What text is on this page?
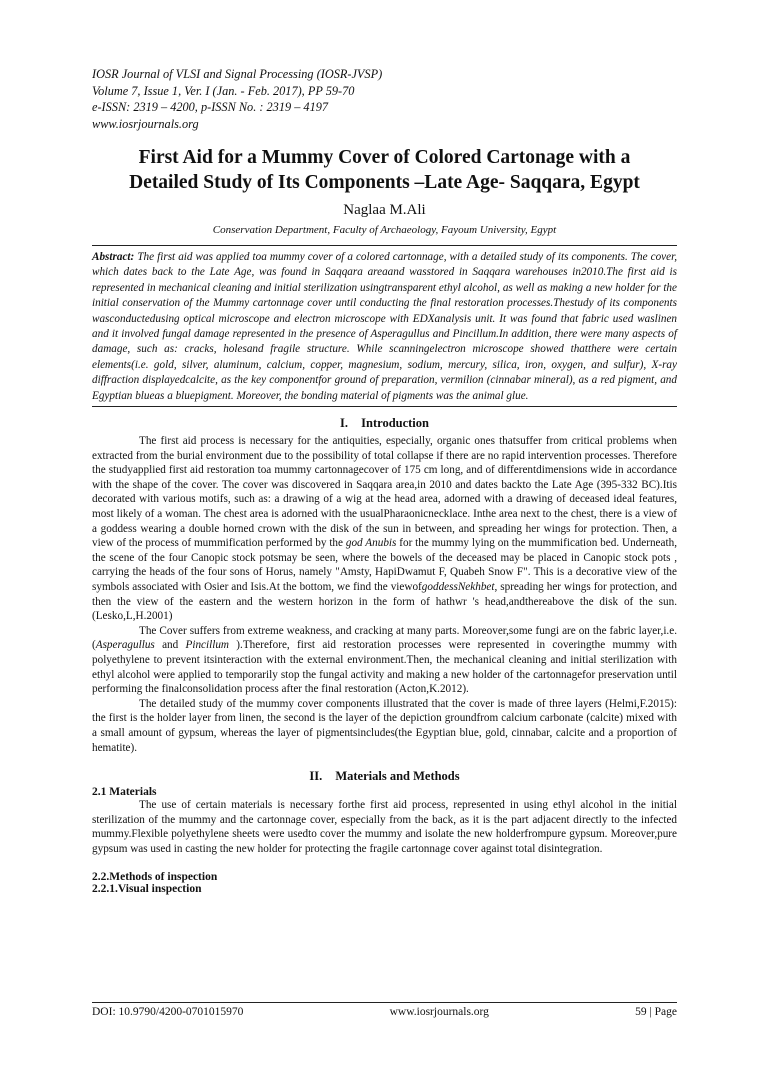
IOSR Journal of VLSI and Signal Processing (IOSR-JVSP)
Volume 7, Issue 1, Ver. I (Jan. - Feb. 2017), PP 59-70
e-ISSN: 2319 – 4200, p-ISSN No. : 2319 – 4197
www.iosrjournals.org
First Aid for a Mummy Cover of Colored Cartonage with a
Detailed Study of Its Components –Late Age- Saqqara, Egypt
Naglaa M.Ali
Conservation Department, Faculty of Archaeology, Fayoum University, Egypt
Abstract: The first aid was applied toa mummy cover of a colored cartonnage, with a detailed study of its components. The cover, which dates back to the Late Age, was found in Saqqara areaand wasstored in Saqqara warehouses in2010.The first aid is represented in mechanical cleaning and initial sterilization usingtransparent ethyl alcohol, as well as making a new holder for the initial conservation of the Mummy cartonnage cover until conducting the final restoration processes.Thestudy of its components wasconductedusing optical microscope and electron microscope with EDXanalysis unit. It was found that fabric used waslinen and it involved fungal damage represented in the presence of Asperagullus and Pincillum.In addition, there were many aspects of damage, such as: cracks, holesand fragile structure. While scanningelectron microscope showed thatthere were certain elements(i.e. gold, silver, aluminum, calcium, copper, magnesium, sodium, mercury, silica, iron, oxygen, and sulfur), X-ray diffraction displayedcalcite, as the key componentfor ground of preparation, vermilion (cinnabar mineral), as a red pigment, and Egyptian blueas a bluepigment. Moreover, the bonding material of pigments was the animal glue.
I. Introduction

The first aid process is necessary for the antiquities, especially, organic ones thatsuffer from critical problems when extracted from the burial environment due to the possibility of total collapse if there are no rapid intervention processes. Therefore the studyapplied first aid restoration toa mummy cartonnagecover of 175 cm long, and of differentdimensions wide in accordance with the shape of the cover. The cover was discovered in Saqqara area,in 2010 and dates backto the Late Age (395-332 BC).Itis decorated with various motifs, such as: a drawing of a wig at the head area, adorned with a drawing of deceased ideal features, most likely of a woman. The chest area is adorned with the usualPharaonicnecklace. Inthe area next to the chest, there is a view of a goddess wearing a double horned crown with the disk of the sun in between, and spreading her wings for protection. Then, a view of the process of mummification performed by the god Anubis for the mummy lying on the mummification bed. Underneath, the scene of the four Canopic stock potsmay be seen, where the bowels of the deceased may be placed in Canopic stock pots , carrying the heads of the four sons of Horus, namely "Amsty, HapiDwamut F, Quabeh Snow F". This is a decorative view of the symbols associated with Osier and Isis.At the bottom, we find the viewofgoddessNekhbet, spreading her wings for protection, and then the view of the eastern and the western horizon in the form of hathwr 's head,andthereabove the disk of the sun.(Lesko,L,H.2001)

The Cover suffers from extreme weakness, and cracking at many parts. Moreover,some fungi are on the fabric layer,i.e. (Asperagullus and Pincillum ).Therefore, first aid restoration processes were represented in coveringthe mummy with polyethylene to prevent itsinteraction with the external environment.Then, the mechanical cleaning and initial sterilization with ethyl alcohol were applied to temporarily stop the fungal activity and making a new holder of the cartonnagefor preservation until performing the finalconsolidation process after the final restoration (Acton,K.2012).

The detailed study of the mummy cover components illustrated that the cover is made of three layers (Helmi,F.2015): the first is the holder layer from linen, the second is the layer of the depiction groundfrom calcium carbonate (calcite) mixed with a small amount of gypsum, whereas the layer of pigmentsincludes(the Egyptian blue, gold, cinnabar, calcite and a proportion of hematite).

II. Materials and Methods
2.1 Materials

The use of certain materials is necessary forthe first aid process, represented in using ethyl alcohol in the initial sterilization of the mummy and the cartonnage cover, especially from the back, as it is the part adjacent directly to the infected mummy.Flexible polyethylene sheets were usedto cover the mummy and isolate the new holderfrompure gypsum. Moreover,pure gypsum was used in casting the new holder for protecting the fragile cartonnage cover against total disintegration.

2.2.Methods of inspection
2.2.1.Visual inspection
DOI: 10.9790/4200-0701015970	www.iosrjournals.org	59 | Page
